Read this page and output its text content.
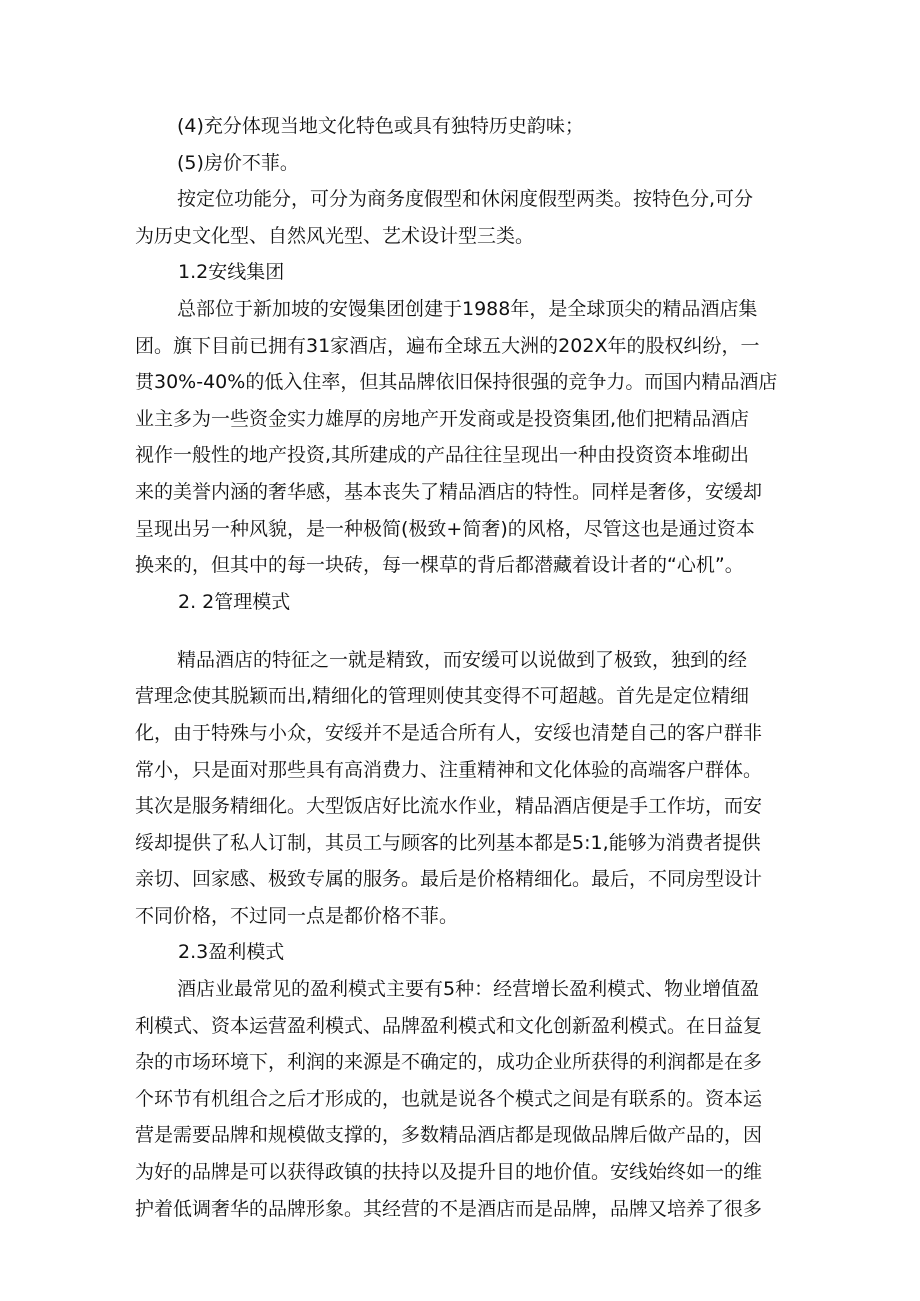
(4)充分体现当地文化特色或具有独特历史韵味；

(5)房价不菲。

按定位功能分，可分为商务度假型和休闲度假型两类。按特色分,可分

为历史文化型、自然风光型、艺术设计型三类。

1.2安线集团

总部位于新加坡的安馒集团创建于1988年，是全球顶尖的精品酒店集

团。旗下目前已拥有31家酒店，遍布全球五大洲的202X年的股权纠纷，一

贯30%-40%的低入住率，但其品牌依旧保持很强的竞争力。而国内精品酒店

业主多为一些资金实力雄厚的房地产开发商或是投资集团,他们把精品酒店

视作一般性的地产投资,其所建成的产品往往呈现出一种由投资资本堆砌出

来的美誉内涵的奢华感，基本丧失了精品酒店的特性。同样是奢侈，安缓却

呈现出另一种风貌，是一种极简(极致+简奢)的风格，尽管这也是通过资本

换来的，但其中的每一块砖，每一棵草的背后都潜藏着设计者的“心机”。

2. 2管理模式

精品酒店的特征之一就是精致，而安缓可以说做到了极致，独到的经

营理念使其脱颖而出,精细化的管理则使其变得不可超越。首先是定位精细

化，由于特殊与小众，安绥并不是适合所有人，安绥也清楚自己的客户群非

常小，只是面对那些具有高消费力、注重精神和文化体验的高端客户群体。

其次是服务精细化。大型饭店好比流水作业，精品酒店便是手工作坊，而安

绥却提供了私人订制，其员工与顾客的比列基本都是5:1,能够为消费者提供

亲切、回家感、极致专属的服务。最后是价格精细化。最后，不同房型设计

不同价格，不过同一点是都价格不菲。

2.3盈利模式

酒店业最常见的盈利模式主要有5种：经营增长盈利模式、物业增值盈

利模式、资本运营盈利模式、品牌盈利模式和文化创新盈利模式。在日益复

杂的市场环境下，利润的来源是不确定的，成功企业所获得的利润都是在多

个环节有机组合之后才形成的，也就是说各个模式之间是有联系的。资本运

营是需要品牌和规模做支撑的，多数精品酒店都是现做品牌后做产品的，因

为好的品牌是可以获得政镇的扶持以及提升目的地价值。安线始终如一的维

护着低调奢华的品牌形象。其经营的不是酒店而是品牌，品牌又培养了很多
